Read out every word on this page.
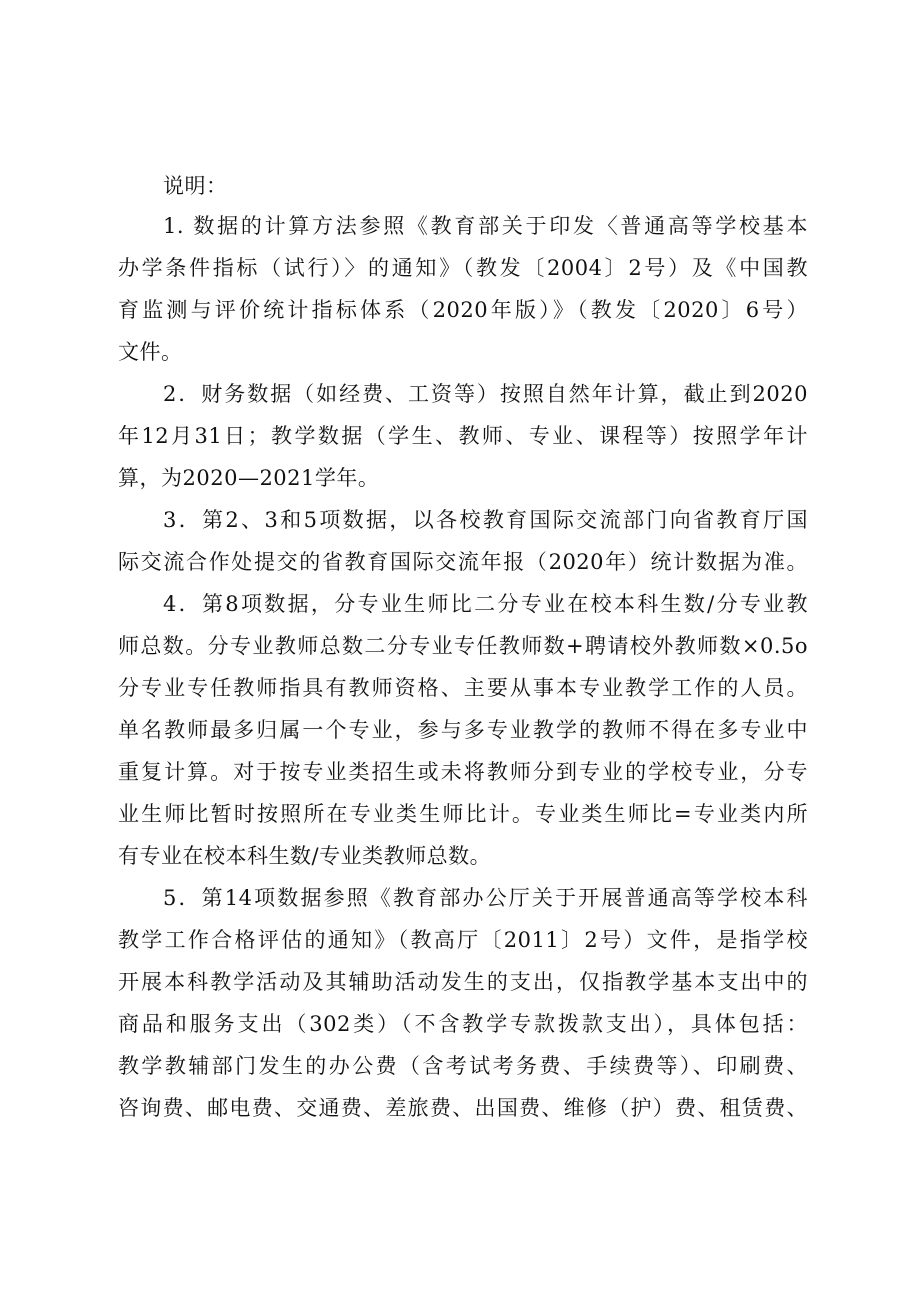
说明：
1. 数据的计算方法参照《教育部关于印发〈普通高等学校基本
办学条件指标（试行）〉的通知》（教发〔2004〕2号）及《中国教
育监测与评价统计指标体系（2020年版）》（教发〔2020〕6号）
文件。
2．财务数据（如经费、工资等）按照自然年计算，截止到2020
年12月31日；教学数据（学生、教师、专业、课程等）按照学年计
算，为2020—2021学年。
3．第2、3和5项数据，以各校教育国际交流部门向省教育厅国
际交流合作处提交的省教育国际交流年报（2020年）统计数据为准。
4．第8项数据，分专业生师比二分专业在校本科生数/分专业教
师总数。分专业教师总数二分专业专任教师数+聘请校外教师数×0.5o
分专业专任教师指具有教师资格、主要从事本专业教学工作的人员。
单名教师最多归属一个专业，参与多专业教学的教师不得在多专业中
重复计算。对于按专业类招生或未将教师分到专业的学校专业，分专
业生师比暂时按照所在专业类生师比计。专业类生师比=专业类内所
有专业在校本科生数/专业类教师总数。
5．第14项数据参照《教育部办公厅关于开展普通高等学校本科
教学工作合格评估的通知》（教高厅〔2011〕2号）文件，是指学校
开展本科教学活动及其辅助活动发生的支出，仅指教学基本支出中的
商品和服务支出（302类）（不含教学专款拨款支出），具体包括：
教学教辅部门发生的办公费（含考试考务费、手续费等）、印刷费、
咨询费、邮电费、交通费、差旅费、出国费、维修（护）费、租赁费、
